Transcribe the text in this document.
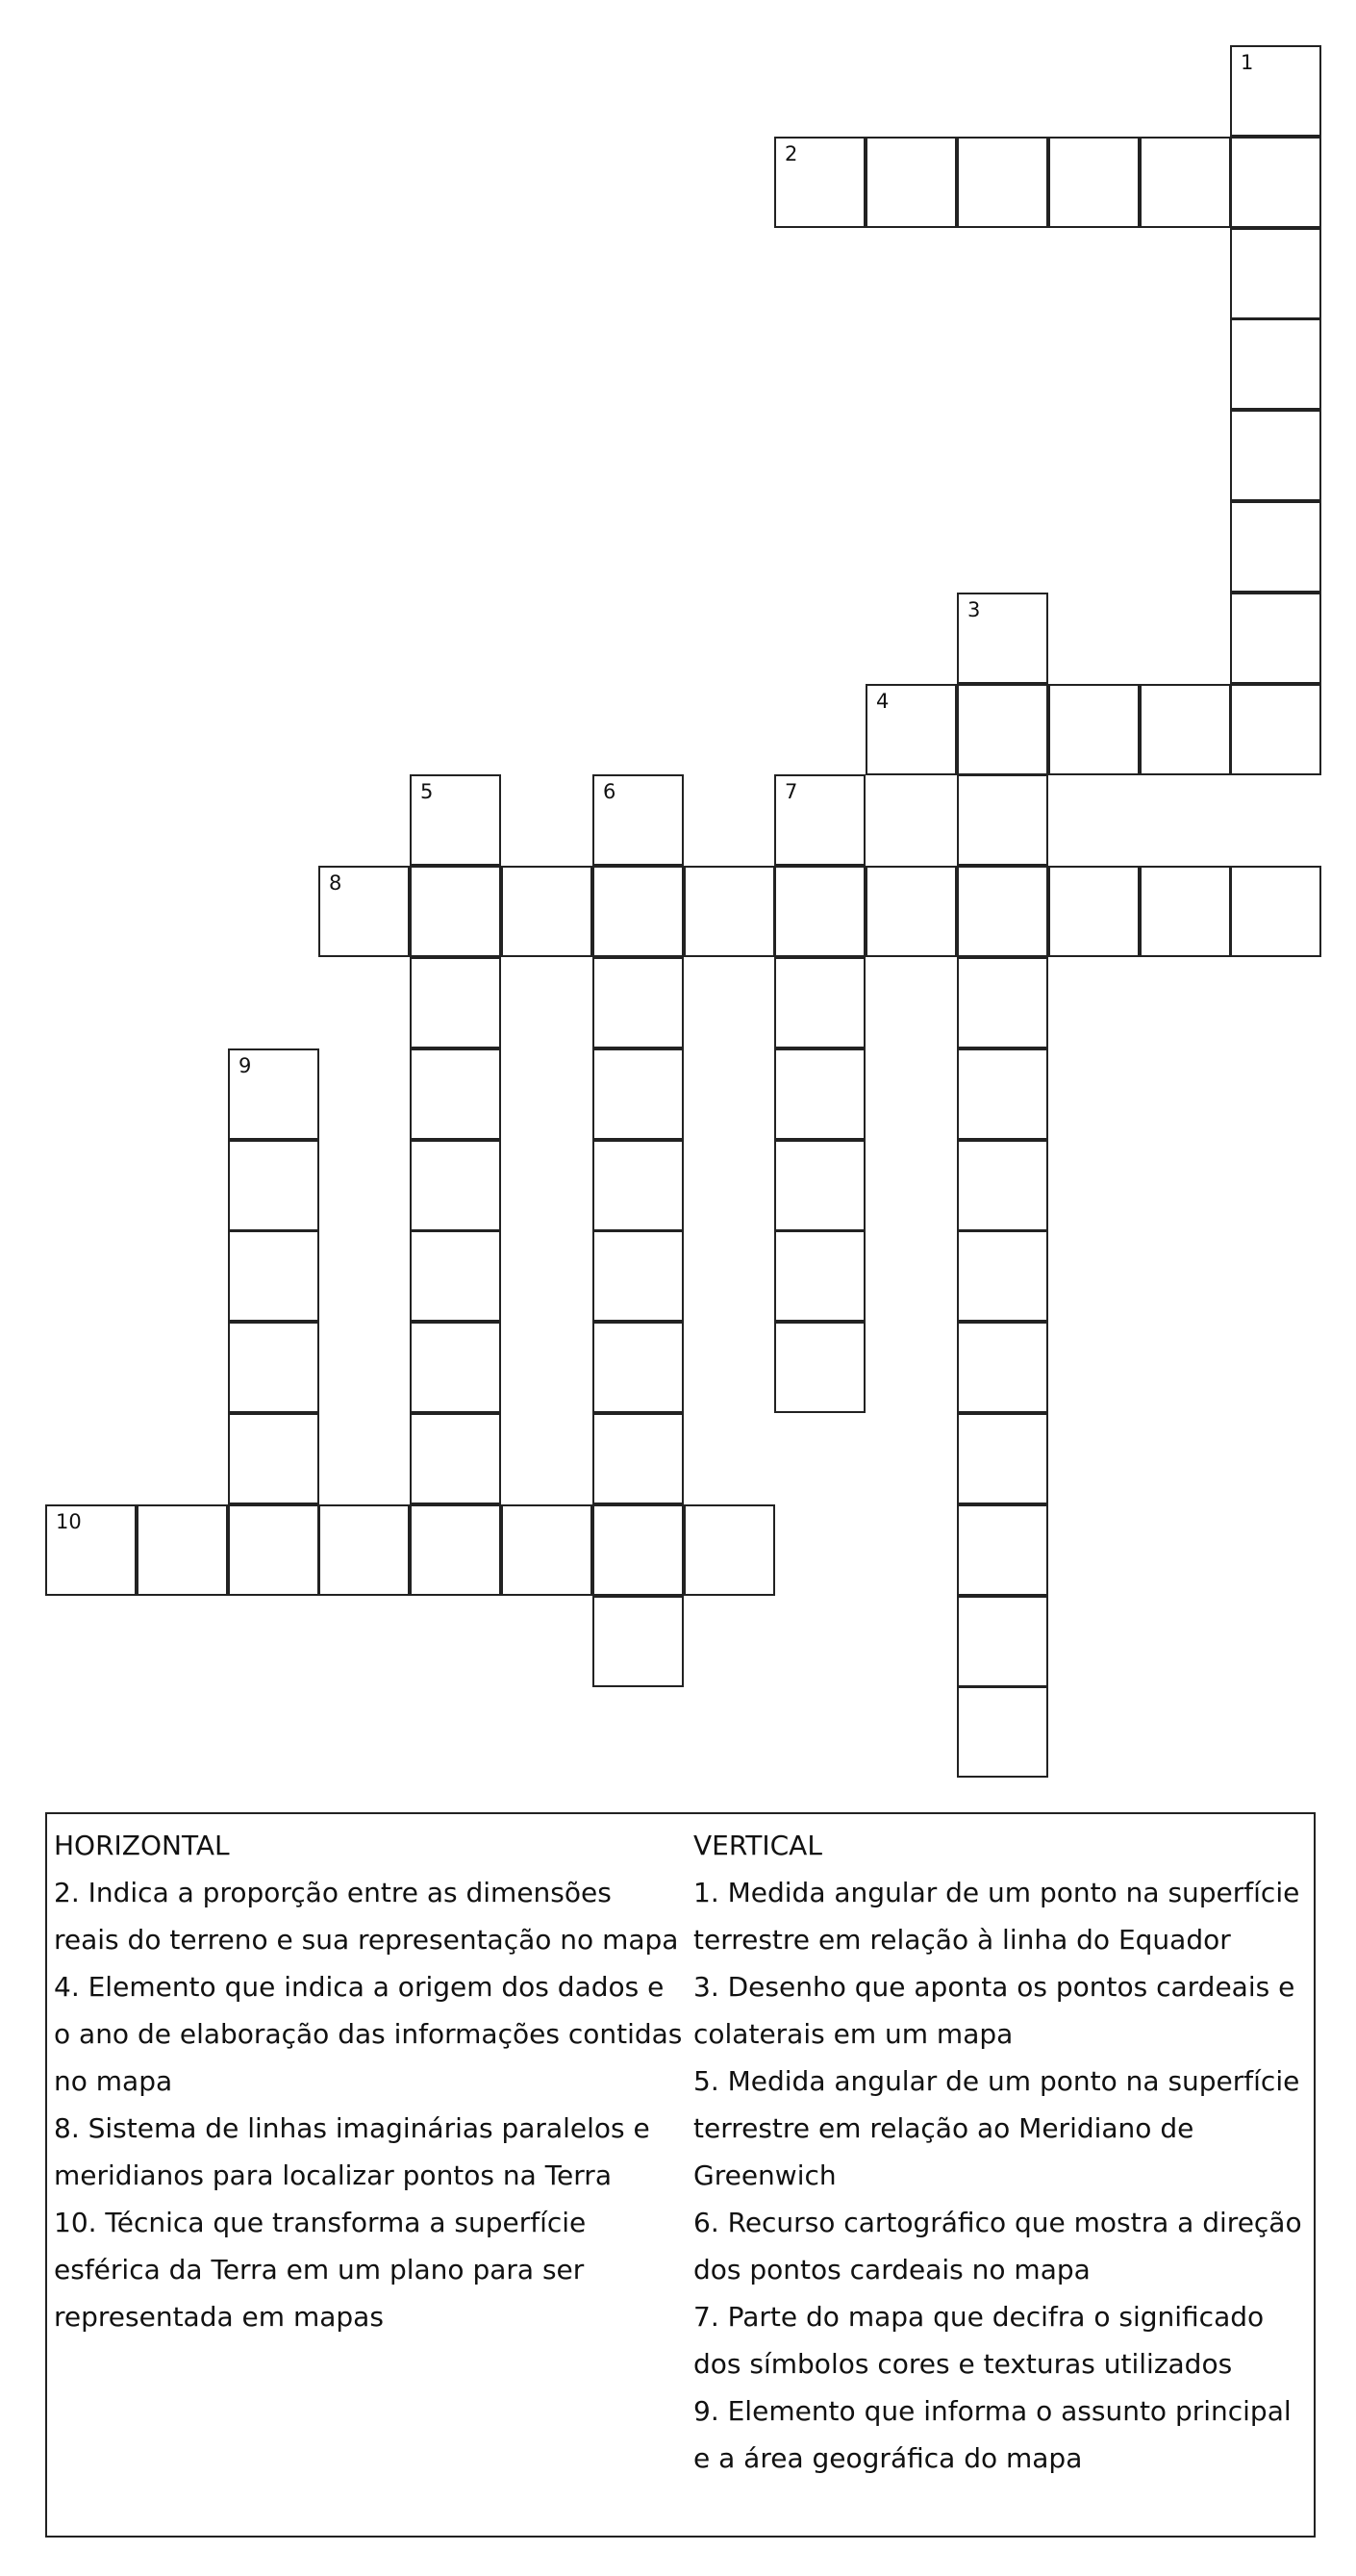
1
2
3
4
5	6	7
8
9
10
HORIZONTAL
2. Indica a proporção entre as dimensões reais do terreno e sua representação no mapa
4. Elemento que indica a origem dos dados e o ano de elaboração das informações contidas no mapa
8. Sistema de linhas imaginárias paralelos e meridianos para localizar pontos na Terra
10. Técnica que transforma a superfície esférica da Terra em um plano para ser representada em mapas
VERTICAL
1. Medida angular de um ponto na superfície terrestre em relação à linha do Equador
3. Desenho que aponta os pontos cardeais e colaterais em um mapa
5. Medida angular de um ponto na superfície terrestre em relação ao Meridiano de Greenwich
6. Recurso cartográfico que mostra a direção dos pontos cardeais no mapa
7. Parte do mapa que decifra o significado dos símbolos cores e texturas utilizados
9. Elemento que informa o assunto principal e a área geográfica do mapa
